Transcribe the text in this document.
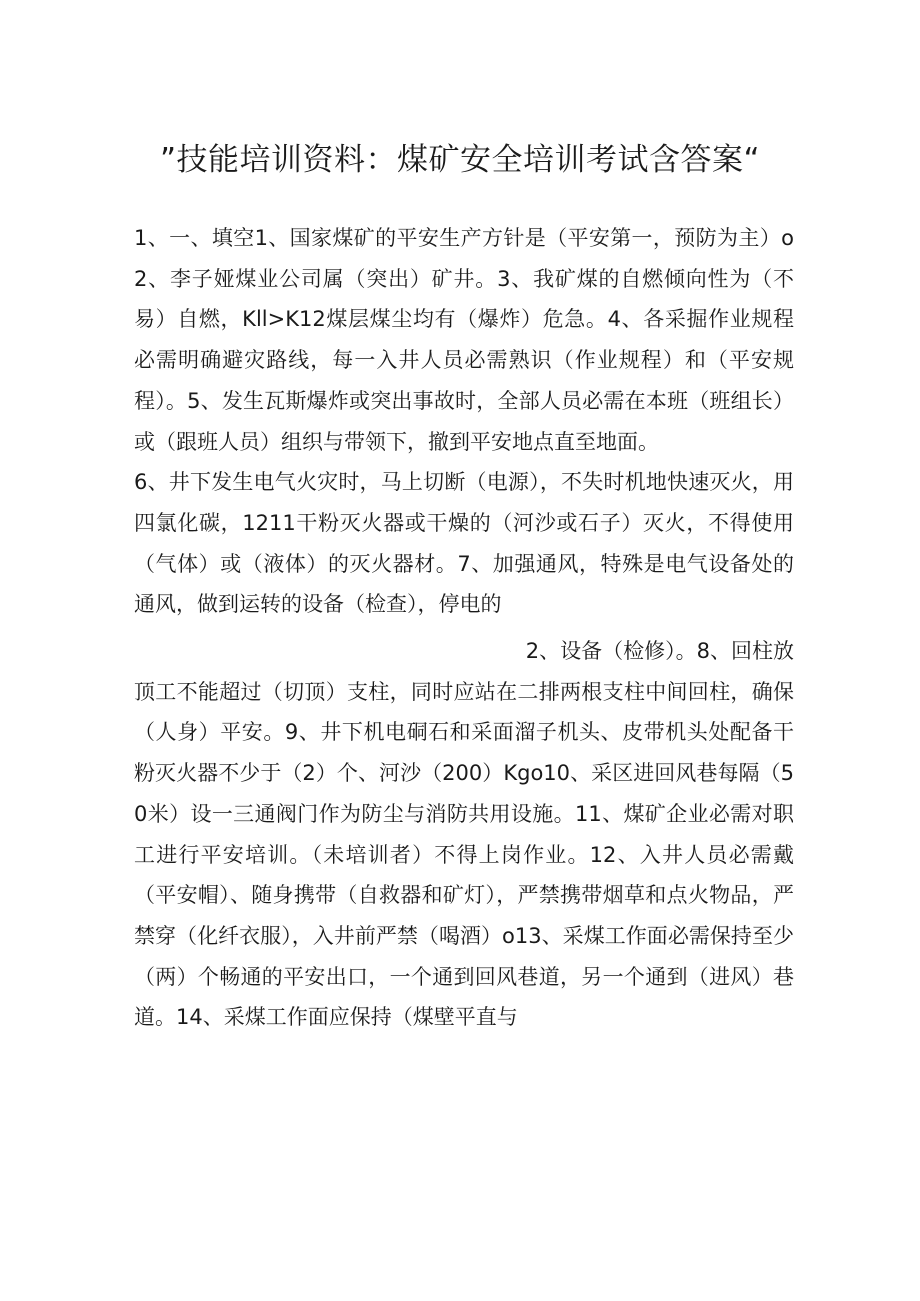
”技能培训资料：煤矿安全培训考试含答案“

1、一、填空1、国家煤矿的平安生产方针是（平安第一，预防为主）o2、李子娅煤业公司属（突出）矿井。3、我矿煤的自燃倾向性为（不易）自燃，Kll>K12煤层煤尘均有（爆炸）危急。4、各采掘作业规程必需明确避灾路线，每一入井人员必需熟识（作业规程）和（平安规程）。5、发生瓦斯爆炸或突出事故时，全部人员必需在本班（班组长）或（跟班人员）组织与带领下，撤到平安地点直至地面。

6、井下发生电气火灾时，马上切断（电源），不失时机地快速灭火，用四氯化碳，1211干粉灭火器或干燥的（河沙或石子）灭火，不得使用（气体）或（液体）的灭火器材。7、加强通风，特殊是电气设备处的通风，做到运转的设备（检查），停电的

2、设备（检修）。8、回柱放

顶工不能超过（切顶）支柱，同时应站在二排两根支柱中间回柱，确保（人身）平安。9、井下机电硐石和采面溜子机头、皮带机头处配备干粉灭火器不少于（2）个、河沙（200）Kgo10、采区进回风巷每隔（50米）设一三通阀门作为防尘与消防共用设施。11、煤矿企业必需对职工进行平安培训。（未培训者）不得上岗作业。12、入井人员必需戴（平安帽）、随身携带（自救器和矿灯），严禁携带烟草和点火物品，严禁穿（化纤衣服），入井前严禁（喝酒）o13、采煤工作面必需保持至少（两）个畅通的平安出口，一个通到回风巷道，另一个通到（进风）巷道。14、采煤工作面应保持（煤壁平直与
